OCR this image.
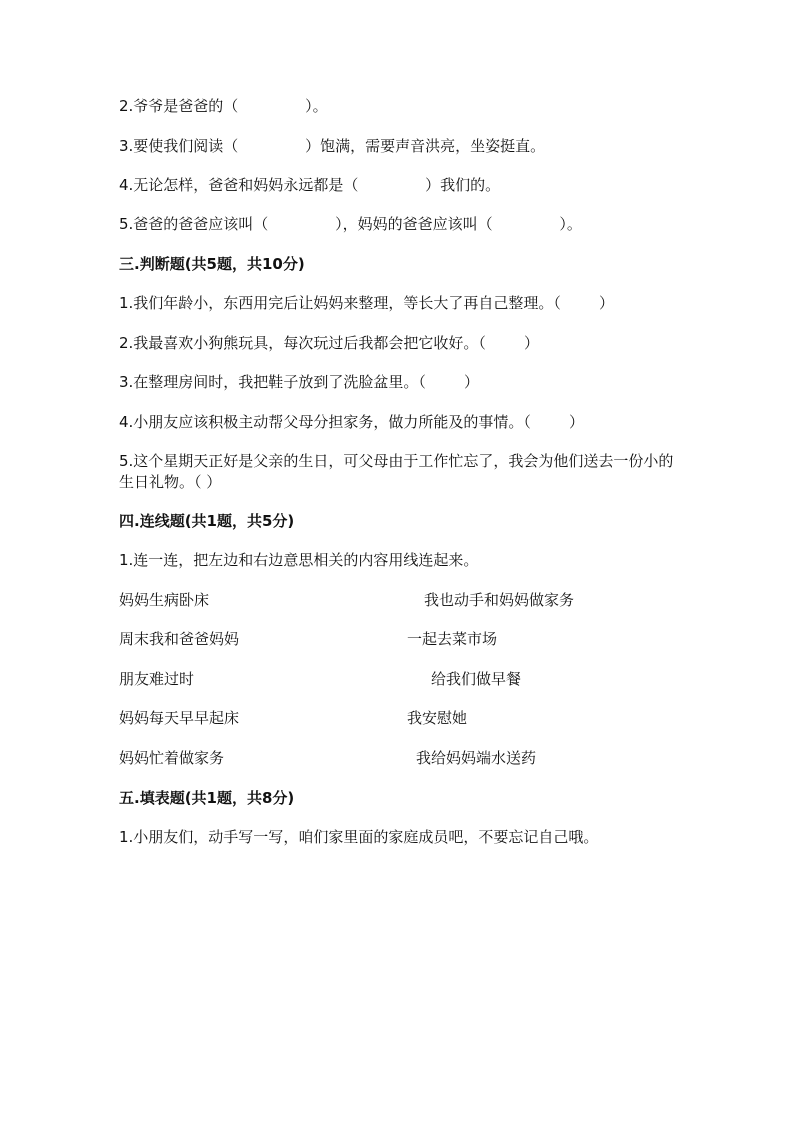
2.爷爷是爸爸的（              ）。
3.要使我们阅读（              ）饱满，需要声音洪亮，坐姿挺直。
4.无论怎样，爸爸和妈妈永远都是（              ）我们的。
5.爸爸的爸爸应该叫（              ），妈妈的爸爸应该叫（              ）。
三.判断题(共5题，共10分)
1.我们年龄小，东西用完后让妈妈来整理，等长大了再自己整理。（        ）
2.我最喜欢小狗熊玩具，每次玩过后我都会把它收好。（        ）
3.在整理房间时，我把鞋子放到了洗脸盆里。（        ）
4.小朋友应该积极主动帮父母分担家务，做力所能及的事情。（        ）
5.这个星期天正好是父亲的生日，可父母由于工作忙忘了，我会为他们送去一份小的生日礼物。（ ）
四.连线题(共1题，共5分)
1.连一连，把左边和右边意思相关的内容用线连起来。
妈妈生病卧床	我也动手和妈妈做家务
周末我和爸爸妈妈	一起去菜市场
朋友难过时	给我们做早餐
妈妈每天早早起床	我安慰她
妈妈忙着做家务	我给妈妈端水送药
五.填表题(共1题，共8分)
1.小朋友们，动手写一写，咱们家里面的家庭成员吧，不要忘记自己哦。
